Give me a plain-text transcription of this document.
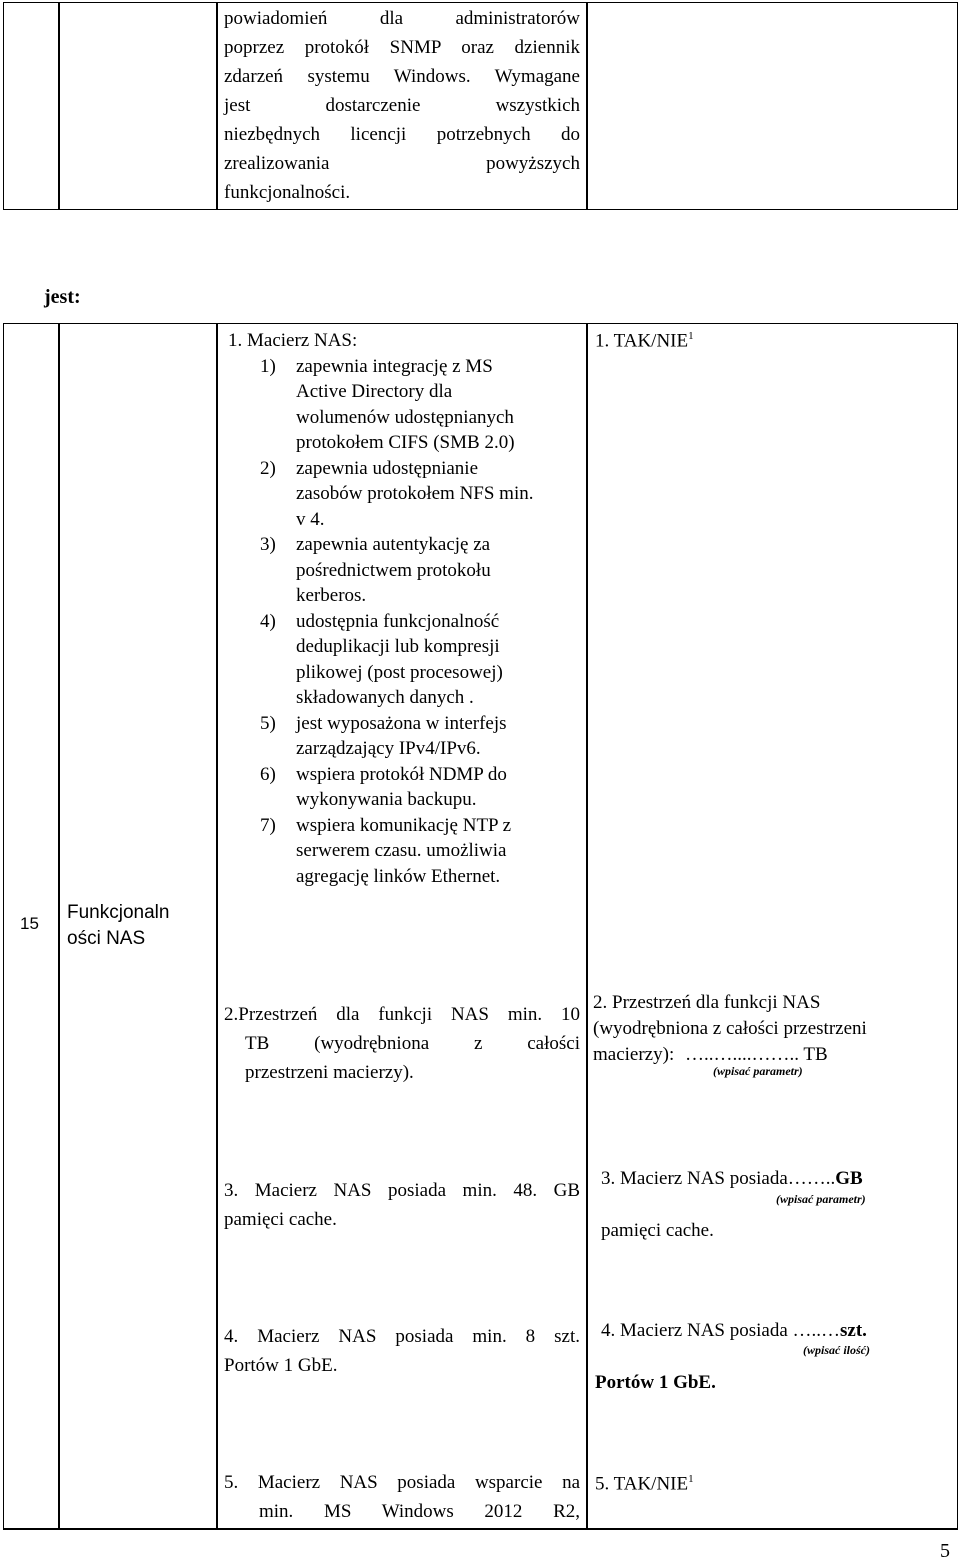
powiadomień dla administratorów
poprzez protokół SNMP oraz dziennik
zdarzeń systemu Windows. Wymagane
jest dostarczenie wszystkich
niezbędnych licencji potrzebnych do
zrealizowania powyższych
funkcjonalności.
jest:
15
Funkcjonaln
ości NAS
1. Macierz NAS:
1) zapewnia integrację z MS
Active Directory dla
wolumenów udostępnianych
protokołem CIFS (SMB 2.0)
2) zapewnia udostępnianie
zasobów protokołem NFS min.
v 4.
3) zapewnia autentykację za
pośrednictwem protokołu
kerberos.
4) udostępnia funkcjonalność
deduplikacji lub kompresji
plikowej (post procesowej)
składowanych danych .
5) jest wyposażona w interfejs
zarządzający IPv4/IPv6.
6) wspiera protokół NDMP do
wykonywania backupu.
7) wspiera komunikację NTP z
serwerem czasu. umożliwia
agregację linków Ethernet.
1. TAK/NIE$^1$
2.Przestrzeń dla funkcji NAS min. 10
TB (wyodrębniona z całości
przestrzeni macierzy).
2. Przestrzeń dla funkcji NAS
(wyodrębniona z całości przestrzeni
macierzy): …..…....…….. TB
(wpisać parametr)
3. Macierz NAS posiada min. 48. GB
pamięci cache.
3. Macierz NAS posiada……..GB
(wpisać parametr)
pamięci cache.
4. Macierz NAS posiada min. 8 szt.
Portów 1 GbE.
4. Macierz NAS posiada …..…szt.
(wpisać ilość)
Portów 1 GbE.
5. Macierz NAS posiada wsparcie na
min. MS Windows 2012 R2,
5. TAK/NIE$^1$
5
